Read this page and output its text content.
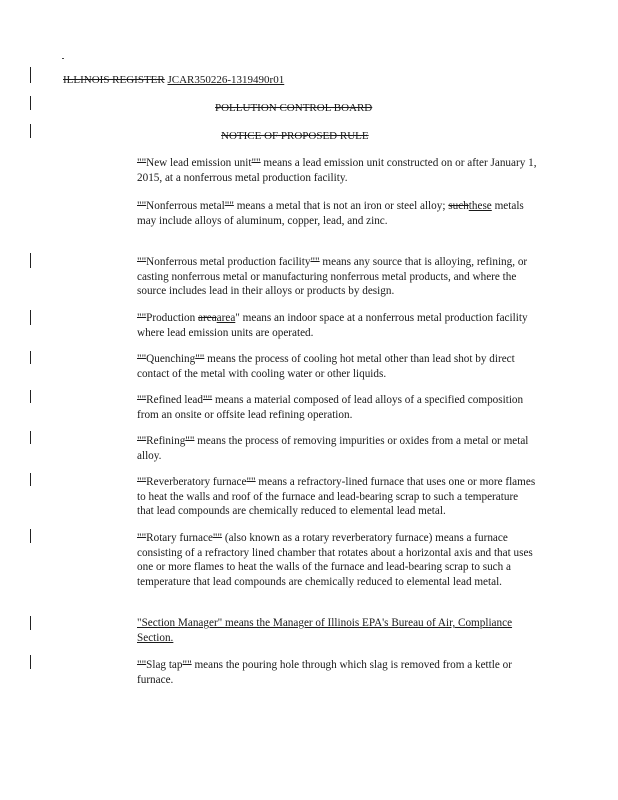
ILLINOIS REGISTER JCAR350226-1319490r01
POLLUTION CONTROL BOARD
NOTICE OF PROPOSED RULE
""New lead emission unit"" means a lead emission unit constructed on or after January 1, 2015, at a nonferrous metal production facility.
""Nonferrous metal"" means a metal that is not an iron or steel alloy; suchthese metals may include alloys of aluminum, copper, lead, and zinc.
""Nonferrous metal production facility"" means any source that is alloying, refining, or casting nonferrous metal or manufacturing nonferrous metal products, and where the source includes lead in their alloys or products by design.
""Production areaarea" means an indoor space at a nonferrous metal production facility where lead emission units are operated.
""Quenching"" means the process of cooling hot metal other than lead shot by direct contact of the metal with cooling water or other liquids.
""Refined lead"" means a material composed of lead alloys of a specified composition from an onsite or offsite lead refining operation.
""Refining"" means the process of removing impurities or oxides from a metal or metal alloy.
""Reverberatory furnace"" means a refractory-lined furnace that uses one or more flames to heat the walls and roof of the furnace and lead-bearing scrap to such a temperature that lead compounds are chemically reduced to elemental lead metal.
""Rotary furnace"" (also known as a rotary reverberatory furnace) means a furnace consisting of a refractory lined chamber that rotates about a horizontal axis and that uses one or more flames to heat the walls of the furnace and lead-bearing scrap to such a temperature that lead compounds are chemically reduced to elemental lead metal.
"Section Manager" means the Manager of Illinois EPA's Bureau of Air, Compliance Section.
""Slag tap"" means the pouring hole through which slag is removed from a kettle or furnace.
